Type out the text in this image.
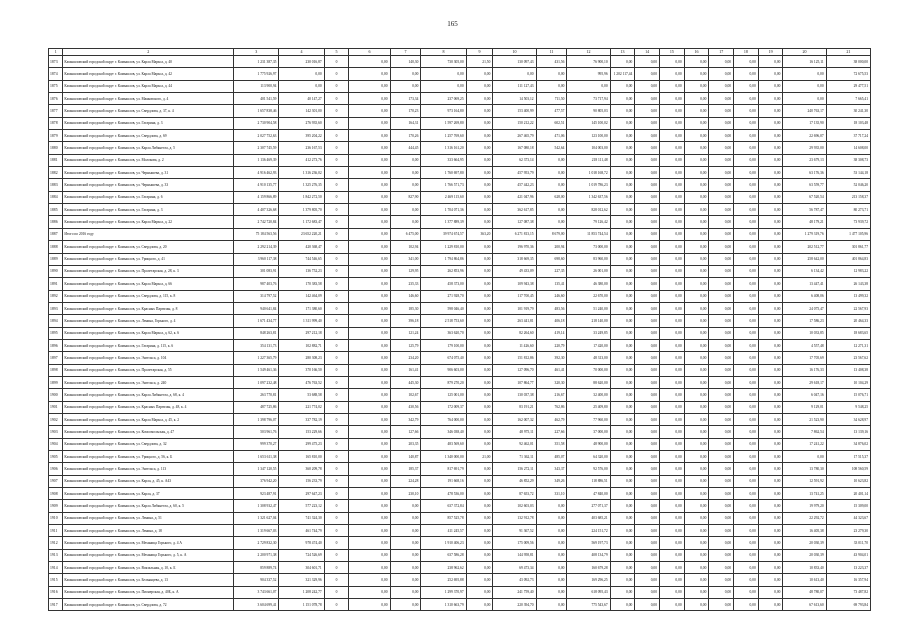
165
1	2	3	4	5	6	7	8	9	10	11	12	13	14	15	16	17	18	19	20	21
1873	Камышловский городской округ г. Камышлов, ул. Карла Маркса, д. 40	1 231 387,35	230 016,87	0	0,00	140,30	730 305,00	21,50	130 097,43	431,56	76 900,10	0,00	0,00	0,00	0,00	0,00	0,00	0,00	16 125,11	38 000,00
1874	Камышловский городской округ г. Камышлов, ул. Карла Маркса, д. 42	1 775 926,97	0,00	0	0,00	0,00	0,00	0,00	0,00	0,00	995,96	1 202 117,44	0,00	0,00	0,00	0,00	0,00	0,00	0,00	72 675,53
1875	Камышловский городской округ г. Камышлов, ул. Карла Маркса, д. 44	113 900,94	0,00	0	0,00	0,00	0,00	0,00	111 127,43	0,00	0,00	0,00	0,00	0,00	0,00	0,00	0,00	0,00	0,00	29 477,51
1876	Камышловский городской округ г. Камышлов, ул. Маяковского, д. 4	401 541,59	40 147,27	0	0,00	173,34	237 069,25	0,00	14 503,12	711,50	73 717,94	0,00	0,00	0,00	0,00	0,00	0,00	0,00	0,00	7 665,41
1877	Камышловский городской округ г. Камышлов, ул. Свердлова, д. 37, к. 4	1 657 838,46	142 301,00	0	0,00	170,23	973 164,80	0,00	153 400,99	477,57	90 805,03	0,00	0,00	0,00	0,00	0,00	0,00	0,00	240 763,17	30 241,30
1878	Камышловский городской округ г. Камышлов, ул. Гагарина, д. 3	2 730 904,58	276 935,60	0	0,00	164,31	1 597 269,80	0,00	150 212,22	602,51	145 100,02	0,00	0,00	0,00	0,00	0,00	0,00	0,00	17 135,90	18 103,48
1879	Камышловский городской округ г. Камышлов, ул. Свердлова, д. 69	2 027 752,63	395 204,22	0	0,00	170,26	1 257 769,60	0,00	267 465,79	471,06	123 100,00	0,00	0,00	0,00	0,00	0,00	0,00	0,00	22 696,07	37 717,24
1880	Камышловский городской округ г. Камышлов, ул. Карла Либкнехта, д. 5	2 307 745,59	236 167,53	0	0,00	444,45	1 316 161,20	0,00	167 080,18	542,64	104 003,00	0,00	0,00	0,00	0,00	0,00	0,00	0,00	29 935,00	14 608,00
1881	Камышловский городской округ г. Камышлов, ул. Молокова, д. 2	1 136 469,39	412 273,76	0	0,00	0,00	333 664,95	0,00	62 373,14	0,00	218 111,48	0,00	0,00	0,00	0,00	0,00	0,00	0,00	23 679,13	38 308,73
1882	Камышловский городской округ г. Камышлов, ул. Чернышева, д. 31	4 916 462,93	1 316 236,02	0	0,00	0,00	1 760 697,80	0,00	457 953,79	0,00	1 018 168,72	0,00	0,00	0,00	0,00	0,00	0,00	0,00	63 176,36	53 144,18
1883	Камышловский городской округ г. Камышлов, ул. Чернышева, д. 33	4 910 135,77	1 325 276,35	0	0,00	0,00	1 766 571,73	0,00	457 442,23	0,00	1 019 786,23	0,00	0,00	0,00	0,00	0,00	0,00	0,00	63 559,77	52 046,20
1884	Камышловский городской округ г. Камышлов, ул. Гагарина, д. 6	4 159 866,89	1 842 272,50	0	0,00	827,90	2 469 115,60	0,00	421 047,96	628,00	1 342 637,56	0,00	0,00	0,00	0,00	0,00	0,00	0,00	67 520,54	213 158,37
1885	Камышловский городской округ г. Камышлов, ул. Гагарина, д. 3	4 407 326,68	1 379 805,70	0	0,00	0,00	1 704 071,36	0,00	362 617,85	0,00	828 012,62	0,00	0,00	0,00	0,00	0,00	0,00	0,00	56 787,47	80 273,71
1886	Камышловский городской округ г. Камышлов, ул. Карла Маркса, д. 22	2 742 720,84	1 172 683,47	0	0,00	0,00	1 377 889,39	0,00	127 087,38	0,00	79 126,42	0,00	0,00	0,00	0,00	0,00	0,00	0,00	48 179,21	73 939,72
1887	Итого по 2016 году	75 184 563,56	23 652 220,21	0	0,00	6 475,00	39 974 674,57	363,20	6 271 813,15	8 679,00	11 853 744,54	0,00	0,00	0,00	0,00	0,00	0,00	0,00	1 279 319,76	1 477 105,96
1888	Камышловский городской округ г. Камышлов, ул. Свердлова, д. 20	2 292 214,39	420 368,47	0	0,00	102,94	1 229 810,00	0,00	196 970,36	200,94	73 000,00	0,00	0,00	0,00	0,00	0,00	0,00	0,00	202 512,77	301 861,77
1889	Камышловский городской округ г. Камышлов, ул. Урицкого, д. 41	3 960 117,38	744 546,65	0	0,00	341,00	1 794 864,86	0,00	318 669,35	698,60	83 960,00	0,00	0,00	0,00	0,00	0,00	0,00	0,00	258 642,00	401 864,83
1890	Камышловский городской округ г. Камышлов, ул. Пролетарская, д. 28, к. 3	301 083,91	136 752,23	0	0,00	129,95	262 853,96	0,00	49 433,09	227,35	26 001,00	0,00	0,00	0,00	0,00	0,00	0,00	0,00	6 134,42	12 983,22
1891	Камышловский городской округ г. Камышлов, ул. Карла Маркса, д. 66	987 403,76	170 383,58	0	0,00	235,33	458 373,00	0,00	109 943,38	135,41	46 380,00	0,00	0,00	0,00	0,00	0,00	0,00	0,00	13 447,41	26 143,38
1892	Камышловский городской округ г. Камышлов, ул. Свердлова, д. 115, к. 8	314 797,52	142 464,09	0	0,00	146,60	271 928,70	0,00	117 700,45	246,60	22 670,00	0,00	0,00	0,00	0,00	0,00	0,00	0,00	6 408,06	13 499,32
1893	Камышловский городской округ г. Камышлов, ул. Красных Партизан, д. 8	940 641,84	171 380,60	0	0,00	185,30	598 046,40	0,00	101 919,79	483,56	51 240,00	0,00	0,00	0,00	0,00	0,00	0,00	0,00	24 075,47	22 567,93
1894	Камышловский городской округ г. Камышлов, ул. Ленина, Горького, д. 4	1 671 434,77	1 311 999,40	0	0,00	396,18	2 518 753,60	0,00	263 441,81	406,18	218 140,00	0,00	0,00	0,00	0,00	0,00	0,00	0,00	17 586,23	20 464,33
1895	Камышловский городской округ г. Камышлов, ул. Карла Маркса, д. 62, к. 6	848 263,81	297 212,18	0	0,00	121,24	363 620,70	0,00	82 264,60	419,14	33 249,85	0,00	0,00	0,00	0,00	0,00	0,00	0,00	10 033,85	18 683,65
1896	Камышловский городской округ г. Камышлов, ул. Гагарина, д. 115, к. 6	354 131,73	102 882,71	0	0,00	125,79	179 100,00	0,00	11 426,60	220,79	17 420,00	0,00	0,00	0,00	0,00	0,00	0,00	0,00	4 557,48	12 271,31
1897	Камышловский городской округ г. Камышлов, ул. Энгельса, д. 104	1 227 365,79	280 308,23	0	0,00	234,20	674 075,40	0,00	151 812,86	392,30	48 313,00	0,00	0,00	0,00	0,00	0,00	0,00	0,00	17 705,69	23 567,62
1898	Камышловский городской округ г. Камышлов, ул. Пролетарская, д. 55	1 549 461,36	370 166,50	0	0,00	161,41	906 603,00	0,00	127 096,70	461,41	70 000,00	0,00	0,00	0,00	0,00	0,00	0,00	0,00	16 176,33	13 408,38
1899	Камышловский городской округ г. Камышлов, ул. Энгельса, д. 240	1 097 232,48	476 763,52	0	0,00	445,30	879 270,20	0,00	107 864,77	320,30	88 620,00	0,00	0,00	0,00	0,00	0,00	0,00	0,00	29 618,17	10 104,29
1900	Камышловский городской округ г. Камышлов, ул. Карла Либкнехта, д. 68, к. 4	263 770,81	53 688,58	0	0,00	102,67	125 001,00	0,00	130 037,38	216,67	32 400,00	0,00	0,00	0,00	0,00	0,00	0,00	0,00	6 047,16	15 076,71
1901	Камышловский городской округ г. Камышлов, ул. Красных Партизан, д. 48, к. 4	487 725,86	221 774,02	0	0,00	430,56	172 009,37	0,00	83 191,21	762,86	25 409,80	0,00	0,00	0,00	0,00	0,00	0,00	0,00	9 129,01	9 548,25
1902	Камышловский городской округ г. Камышлов, ул. Карла Маркса, д. 45, к. 2	1 398 796,07	337 782,19	0	0,00	342,79	764 000,00	0,00	162 007,32	462,79	77 960,00	0,00	0,00	0,00	0,00	0,00	0,00	0,00	21 523,90	34 628,97
1903	Камышловский городской округ г. Камышлов, ул. Комсомольская, д. 47	503 961,76	153 229,66	0	0,00	127,66	346 038,40	0,00	48 975,11	227,66	37 000,00	0,00	0,00	0,00	0,00	0,00	0,00	0,00	7 862,54	13 139,16
1904	Камышловский городской округ г. Камышлов, ул. Свердлова, д. 32	999 370,27	299 475,23	0	0,00	203,35	483 569,60	0,00	92 462,01	351,58	48 900,00	0,00	0,00	0,00	0,00	0,00	0,00	0,00	17 241,22	34 876,02
1905	Камышловский городской округ г. Камышлов, ул. Урицкого, д. 56, к. Б	1 653 611,38	165 810,00	0	0,00	140,87	1 340 000,00	21,00	71 362,11	485,07	64 320,00	0,00	0,00	0,00	0,00	0,00	0,00	0,00	0,00	17 515,37
1906	Камышловский городской округ г. Камышлов, ул. Энгельса, д. 113	1 347 120,55	360 209,78	0	0,00	185,37	817 691,79	0,00	156 272,11	343,37	92 576,00	0,00	0,00	0,00	0,00	0,00	0,00	0,00	13 780,30	108 560,59
1907	Камышловский городской округ г. Камышлов, ул. Карла, д. 45, к. А43	376 942,20	156 233,79	0	0,00	224,28	191 668,16	0,00	46 852,29	349,26	118 886,51	0,00	0,00	0,00	0,00	0,00	0,00	0,00	12 591,92	10 623,82
1908	Камышловский городской округ г. Камышлов, ул. Карла, д. 37	923 487,91	297 647,23	0	0,00	230,10	478 536,00	0,00	87 653,72	331,10	47 840,00	0,00	0,00	0,00	0,00	0,00	0,00	0,00	13 741,25	20 401,14
1909	Камышловский городской округ г. Камышлов, ул. Карла Либкнехта, д. 60, к. 5	1 308 932,47	577 223,12	0	0,00	0,00	637 372,84	0,00	102 603,03	0,00	277 071,37	0,00	0,00	0,00	0,00	0,00	0,00	0,00	19 979,20	15 309,00
1910	Камышловский городской округ г. Камышлов, ул. Ленина, д. 51	1 321 627,04	741 324,30	0	0,00	0,00	857 525,78	0,00	132 912,78	0,00	403 685,21	0,00	0,00	0,00	0,00	0,00	0,00	0,00	22 292,72	44 323,67
1911	Камышловский городской округ г. Камышлов, ул. Ленина, д. 18	1 319 667,03	461 744,79	0	0,00	0,00	411 245,57	0,00	91 367,52	0,00	224 151,72	0,00	0,00	0,00	0,00	0,00	0,00	0,00	16 405,38	23 279,30
1912	Камышловский городской округ г. Камышлов, ул. Механица Горького, д. 4 А	2 729 832,30	978 474,40	0	0,00	0,00	1 910 406,23	0,00	175 009,56	0,00	569 197,73	0,00	0,00	0,00	0,00	0,00	0,00	0,00	20 030,39	33 011,70
1913	Камышловский городской округ г. Камышлов, ул. Механица Горького, д. 5, к. А	2 200 971,38	724 526,69	0	0,00	0,00	637 586,28	0,00	144 958,81	0,00	408 134,79	0,00	0,00	0,00	0,00	0,00	0,00	0,00	20 030,39	43 904,01
1914	Камышловский городской округ г. Камышлов, ул. Вокзальная, д. 10, к. Б	859 889,74	304 601,71	0	0,00	0,00	238 962,62	0,00	69 473,34	0,00	160 679,28	0,00	0,00	0,00	0,00	0,00	0,00	0,00	10 833,40	13 223,37
1915	Камышловский городской округ г. Камышлов, ул. Бельянцева, д. 13	904 337,52	321 329,96	0	0,00	0,00	252 695,88	0,00	43 092,73	0,00	169 296,25	0,00	0,00	0,00	0,00	0,00	0,00	0,00	10 613,40	16 357,94
1916	Камышловский городской округ г. Камышлов, ул. Пионерская, д. 40Б, к. А	3 743 661,07	1 208 242,77	0	0,00	0,00	1 299 370,97	0,00	241 759,40	0,00	618 095,43	0,00	0,00	0,00	0,00	0,00	0,00	0,00	48 780,07	73 487,82
1917	Камышловский городской округ г. Камышлов, ул. Свердлова, д. 72	3 604 699,41	1 151 078,78	0	0,00	0,00	1 310 663,79	0,00	220 394,70	0,00	775 543,67	0,00	0,00	0,00	0,00	0,00	0,00	0,00	67 613,60	69 793,84
